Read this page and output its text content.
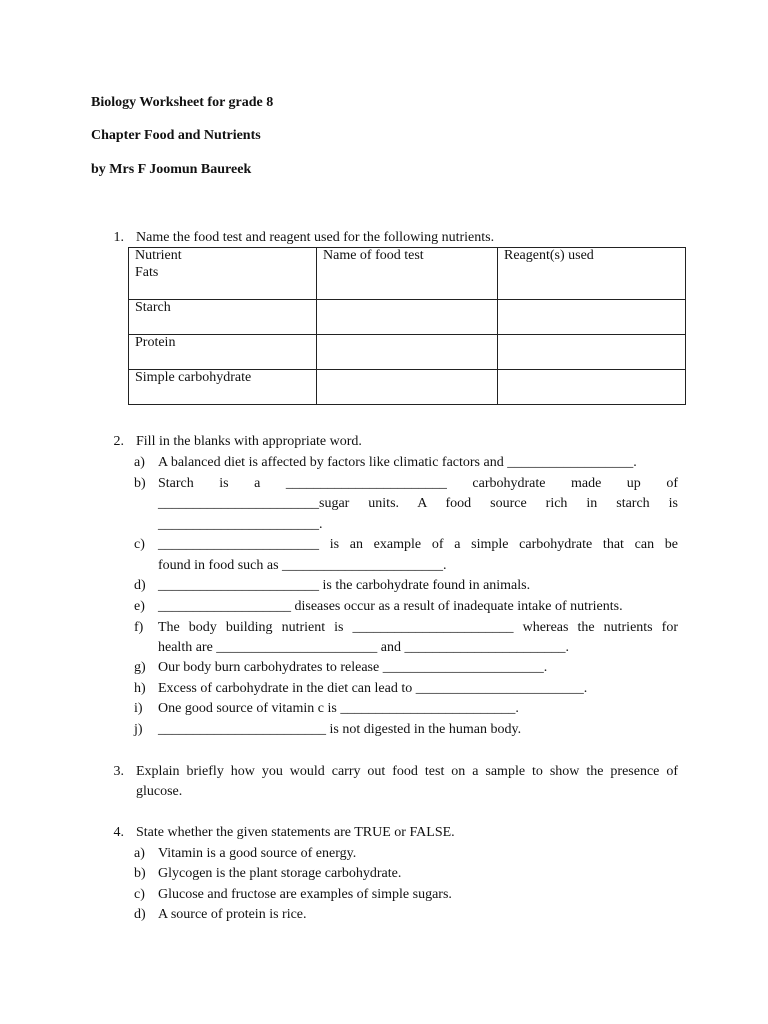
Biology Worksheet for grade 8
Chapter Food and Nutrients
by Mrs F Joomun Baureek
1. Name the food test and reagent used for the following nutrients.
Nutrient	Name of food test	Reagent(s) used
Fats		
Starch		
Protein		
Simple carbohydrate		
2. Fill in the blanks with appropriate word.
a) A balanced diet is affected by factors like climatic factors and __________________.
b) Starch is a _______________________ carbohydrate made up of
_______________________sugar units. A food source rich in starch is
_______________________.
c) _______________________ is an example of a simple carbohydrate that can be
found in food such as _______________________.
d) _______________________ is the carbohydrate found in animals.
e) ___________________ diseases occur as a result of inadequate intake of nutrients.
f)	The body building nutrient is _______________________ whereas the nutrients for
health are _______________________ and _______________________.
g) Our body burn carbohydrates to release _______________________.
h) Excess of carbohydrate in the diet can lead to ________________________.
i)	One good source of vitamin c is _________________________.
j)	________________________ is not digested in the human body.
3. Explain briefly how you would carry out food test on a sample to show the presence of
glucose.
4. State whether the given statements are TRUE or FALSE.
a) Vitamin is a good source of energy.
b) Glycogen is the plant storage carbohydrate.
c) Glucose and fructose are examples of simple sugars.
d) A source of protein is rice.
